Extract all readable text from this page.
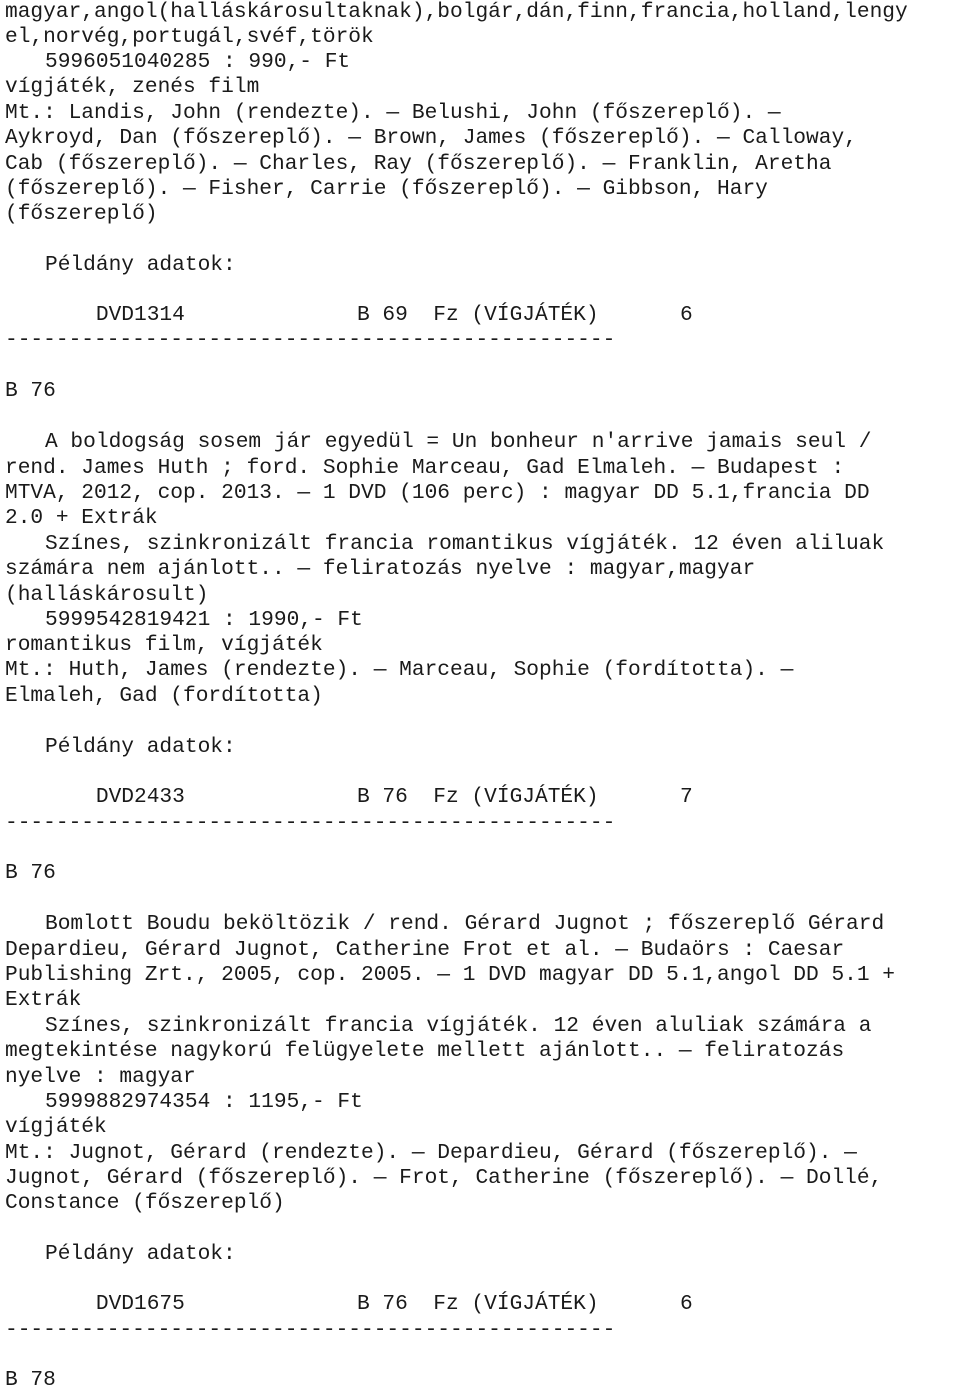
magyar,angol(halláskárosultaknak),bolgár,dán,finn,francia,holland,lengy
el,norvég,portugál,svéf,török
5996051040285 : 990,- Ft
vígjáték, zenés film
Mt.: Landis, John (rendezte). — Belushi, John (főszereplő). —
Aykroyd, Dan (főszereplő). — Brown, James (főszereplő). — Calloway,
Cab (főszereplő). — Charles, Ray (főszereplő). — Franklin, Aretha
(főszereplő). — Fisher, Carrie (főszereplő). — Gibbson, Hary
(főszereplő)
Példány adatok:

DVD1314	B 69  Fz (VÍGJÁTÉK)	6

------------------------------------------------
B 76
A boldogság sosem jár egyedül = Un bonheur n'arrive jamais seul /
rend. James Huth ; ford. Sophie Marceau, Gad Elmaleh. — Budapest :
MTVA, 2012, cop. 2013. — 1 DVD (106 perc) : magyar DD 5.1,francia DD
2.0 + Extrák
Színes, szinkronizált francia romantikus vígjáték. 12 éven aliluak
számára nem ajánlott.. — feliratozás nyelve : magyar,magyar
(halláskárosult)
5999542819421 : 1990,- Ft
romantikus film, vígjáték
Mt.: Huth, James (rendezte). — Marceau, Sophie (fordította). —
Elmaleh, Gad (fordította)
Példány adatok:

DVD2433	B 76  Fz (VÍGJÁTÉK)	7

------------------------------------------------
B 76
Bomlott Boudu beköltözik / rend. Gérard Jugnot ; főszereplő Gérard
Depardieu, Gérard Jugnot, Catherine Frot et al. — Budaörs : Caesar
Publishing Zrt., 2005, cop. 2005. — 1 DVD magyar DD 5.1,angol DD 5.1 +
Extrák
Színes, szinkronizált francia vígjáték. 12 éven aluliak számára a
megtekintése nagykorú felügyelete mellett ajánlott.. — feliratozás
nyelve : magyar
5999882974354 : 1195,- Ft
vígjáték
Mt.: Jugnot, Gérard (rendezte). — Depardieu, Gérard (főszereplő). —
Jugnot, Gérard (főszereplő). — Frot, Catherine (főszereplő). — Dollé,
Constance (főszereplő)
Példány adatok:

DVD1675	B 76  Fz (VÍGJÁTÉK)	6

------------------------------------------------
B 78
